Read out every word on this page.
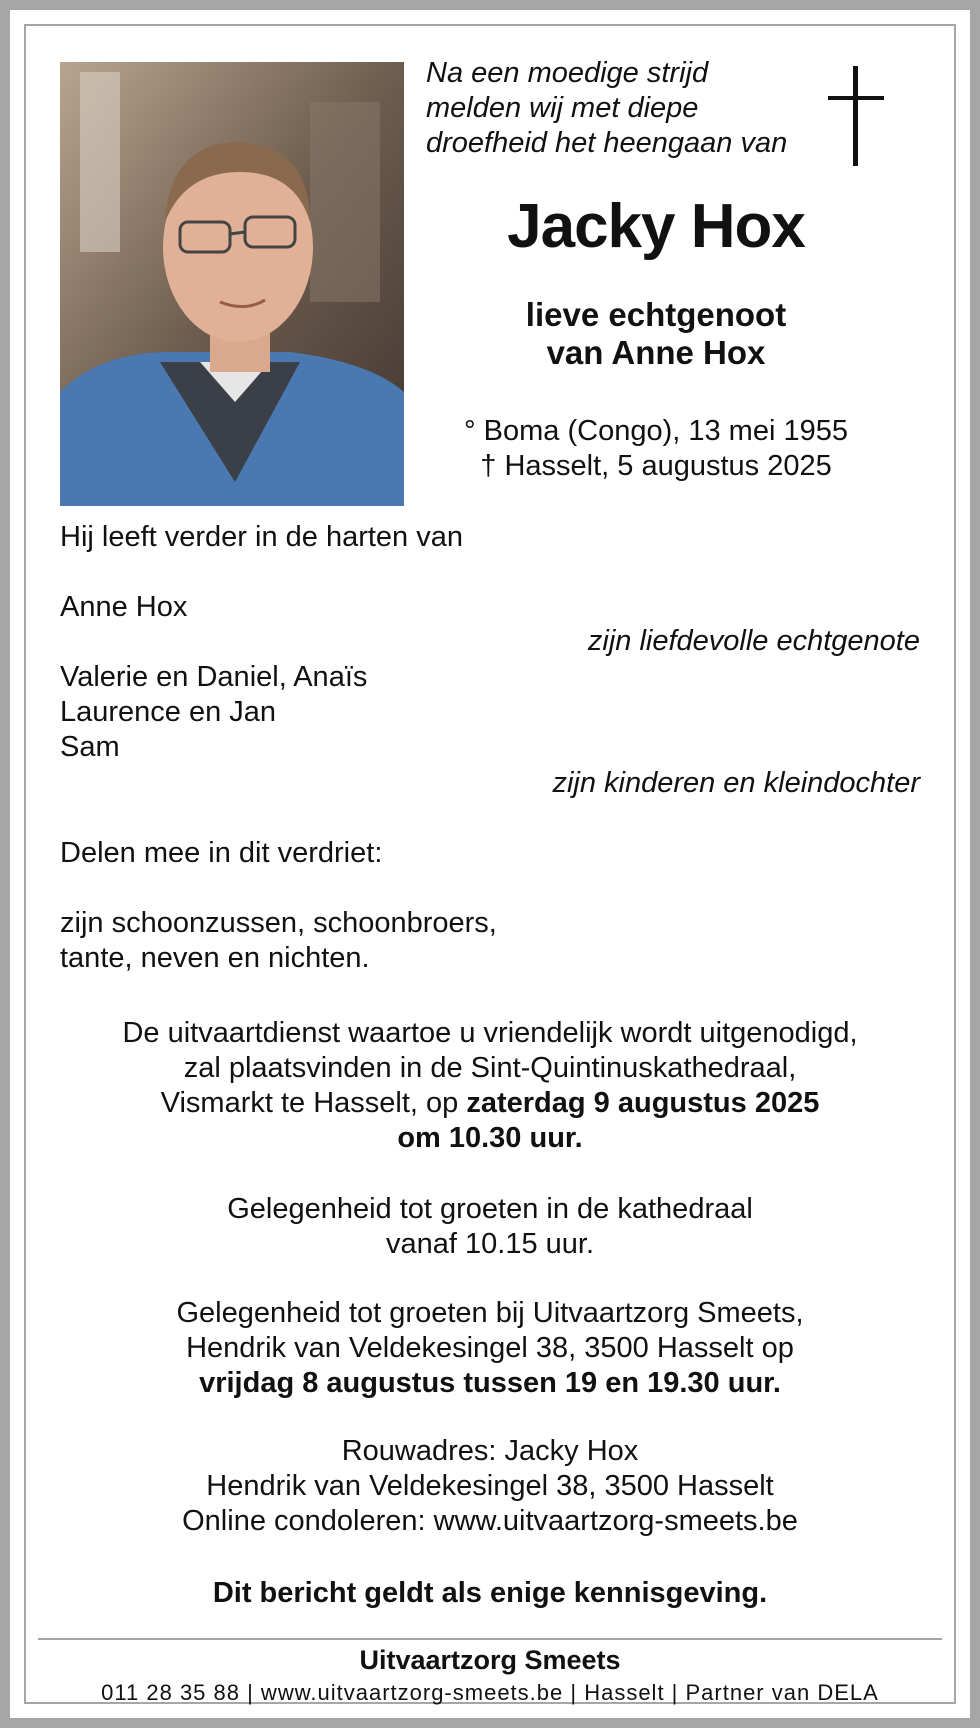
Na een moedige strijd
melden wij met diepe
droefheid het heengaan van
Jacky Hox
lieve echtgenoot
van Anne Hox
° Boma (Congo), 13 mei 1955
† Hasselt, 5 augustus 2025
Hij leeft verder in de harten van
Anne Hox
zijn liefdevolle echtgenote
Valerie en Daniel, Anaïs
Laurence en Jan
Sam
zijn kinderen en kleindochter
Delen mee in dit verdriet:
zijn schoonzussen, schoonbroers,
tante, neven en nichten.
De uitvaartdienst waartoe u vriendelijk wordt uitgenodigd,
zal plaatsvinden in de Sint-Quintinuskathedraal,
Vismarkt te Hasselt, op zaterdag 9 augustus 2025
om 10.30 uur.
Gelegenheid tot groeten in de kathedraal
vanaf 10.15 uur.
Gelegenheid tot groeten bij Uitvaartzorg Smeets,
Hendrik van Veldekesingel 38, 3500 Hasselt op
vrijdag 8 augustus tussen 19 en 19.30 uur.
Rouwadres: Jacky Hox
Hendrik van Veldekesingel 38, 3500 Hasselt
Online condoleren: www.uitvaartzorg-smeets.be
Dit bericht geldt als enige kennisgeving.
Uitvaartzorg Smeets
011 28 35 88 | www.uitvaartzorg-smeets.be | Hasselt | Partner van DELA
